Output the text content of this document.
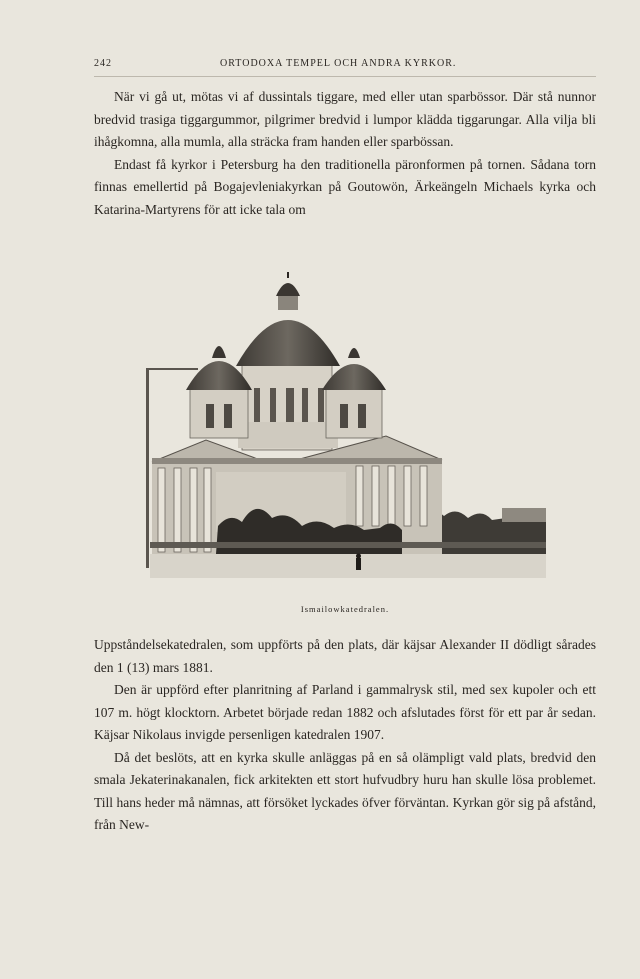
242	ORTODOXA TEMPEL OCH ANDRA KYRKOR.

När vi gå ut, mötas vi af dussintals tiggare, med eller utan sparbössor. Där stå nunnor bredvid trasiga tiggargummor, pilgrimer bredvid i lumpor klädda tiggarungar. Alla vilja bli ihågkomna, alla mumla, alla sträcka fram handen eller sparbössan.

Endast få kyrkor i Petersburg ha den traditionella päronformen på tornen. Sådana torn finnas emellertid på Bogajevleniakyrkan på Goutowön, Ärkeängeln Michaels kyrka och Katarina-Martyrens för att icke tala om

Ismailowkatedralen.

Uppståndelsekatedralen, som uppförts på den plats, där käjsar Alexander II dödligt sårades den 1 (13) mars 1881.

Den är uppförd efter planritning af Parland i gammalrysk stil, med sex kupoler och ett 107 m. högt klocktorn. Arbetet började redan 1882 och afslutades först för ett par år sedan. Käjsar Nikolaus invigde persenligen katedralen 1907.

Då det beslöts, att en kyrka skulle anläggas på en så olämpligt vald plats, bredvid den smala Jekaterinakanalen, fick arkitekten ett stort hufvudbry huru han skulle lösa problemet. Till hans heder må nämnas, att försöket lyckades öfver förväntan. Kyrkan gör sig på afstånd, från New-
